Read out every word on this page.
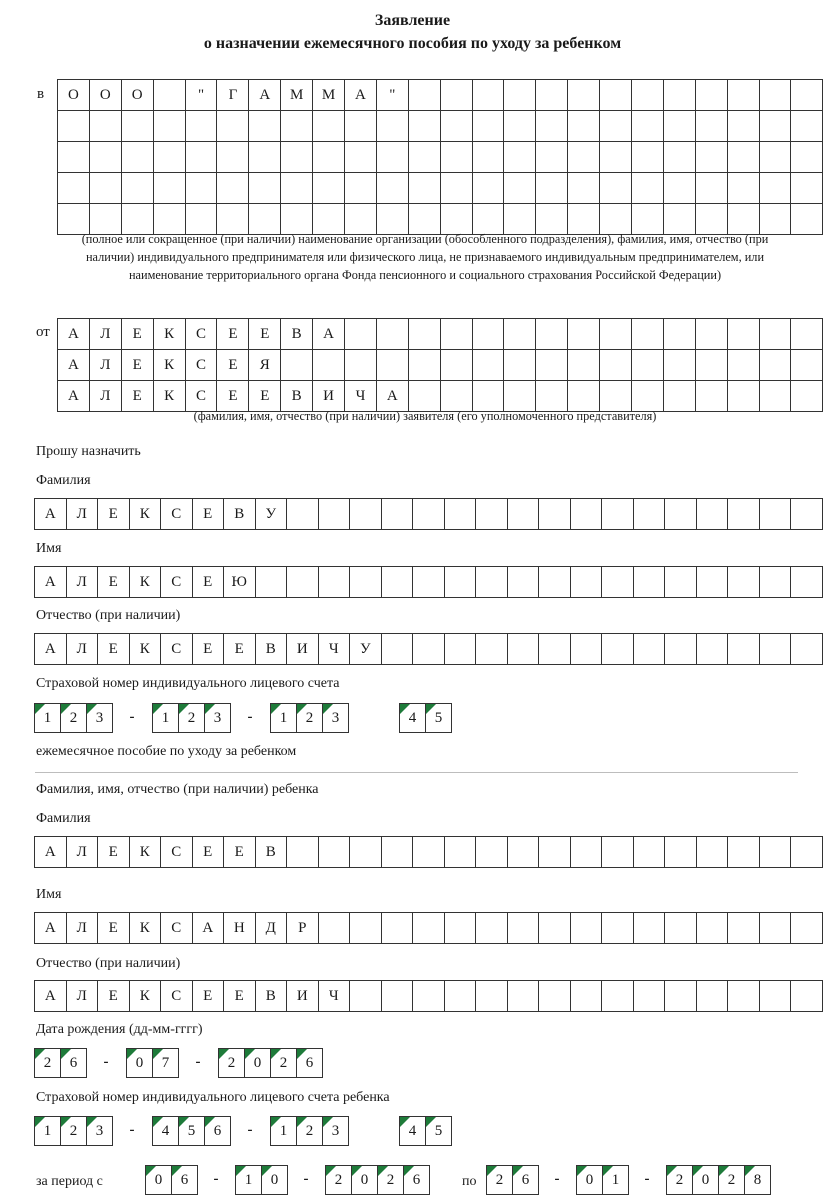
Заявление
о назначении ежемесячного пособия по уходу за ребенком
в О	О	О		"	Г	А	М	М	А	"													

(полное или сокращенное (при наличии) наименование организации (обособленного подразделения), фамилия, имя, отчество (при наличии) индивидуального предпринимателя или физического лица, не признаваемого индивидуальным предпринимателем, или наименование территориального органа Фонда пенсионного и социального страхования Российской Федерации)
от А	Л	Е	К	С	Е	Е	В	А															
А	Л	Е	К	С	Е	Я																	
А	Л	Е	К	С	Е	Е	В	И	Ч	А													
(фамилия, имя, отчество (при наличии) заявителя (его уполномоченного представителя)
Прошу назначить
Фамилия
А	Л	Е	К	С	Е	В	У																	
Имя
А	Л	Е	К	С	Е	Ю																		
Отчество (при наличии)
А	Л	Е	К	С	Е	Е	В	И	Ч	У														
Страховой номер индивидуального лицевого счета
1	2	3	-	1	2	3	-	1	2	3	4	5
ежемесячное пособие по уходу за ребенком
Фамилия, имя, отчество (при наличии) ребенка
Фамилия
А	Л	Е	К	С	Е	Е	В																	
Имя
А	Л	Е	К	С	А	Н	Д	Р																
Отчество (при наличии)
А	Л	Е	К	С	Е	Е	В	И	Ч															
Дата рождения (дд-мм-гггг)
2	6	-	0	7	-	2	0	2	6
Страховой номер индивидуального лицевого счета ребенка
1	2	3	-	4	5	6	-	1	2	3	4	5
за период с	0	6	-	1	0	-	2	0	2	6	по	2	6	-	0	1	-	2	0	2	8
